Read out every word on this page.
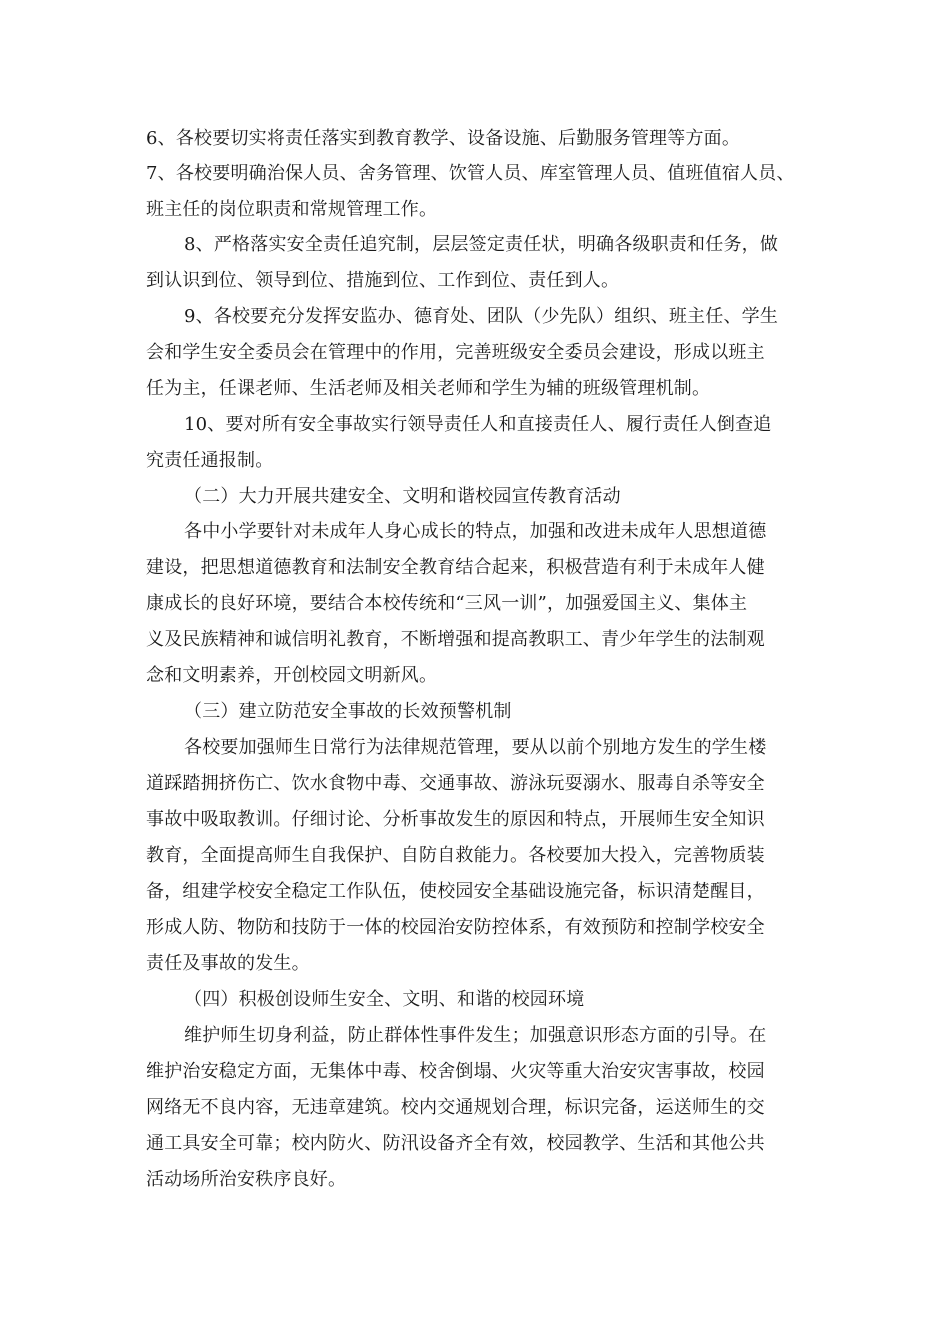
6、各校要切实将责任落实到教育教学、设备设施、后勤服务管理等方面。
7、各校要明确治保人员、舍务管理、饮管人员、库室管理人员、值班值宿人员、
班主任的岗位职责和常规管理工作。
8、严格落实安全责任追究制，层层签定责任状，明确各级职责和任务，做
到认识到位、领导到位、措施到位、工作到位、责任到人。
9、各校要充分发挥安监办、德育处、团队（少先队）组织、班主任、学生
会和学生安全委员会在管理中的作用，完善班级安全委员会建设，形成以班主
任为主，任课老师、生活老师及相关老师和学生为辅的班级管理机制。
10、要对所有安全事故实行领导责任人和直接责任人、履行责任人倒查追
究责任通报制。
（二）大力开展共建安全、文明和谐校园宣传教育活动
各中小学要针对未成年人身心成长的特点，加强和改进未成年人思想道德
建设，把思想道德教育和法制安全教育结合起来，积极营造有利于未成年人健
康成长的良好环境，要结合本校传统和“三风一训”，加强爱国主义、集体主
义及民族精神和诚信明礼教育，不断增强和提高教职工、青少年学生的法制观
念和文明素养，开创校园文明新风。
（三）建立防范安全事故的长效预警机制
各校要加强师生日常行为法律规范管理，要从以前个别地方发生的学生楼
道踩踏拥挤伤亡、饮水食物中毒、交通事故、游泳玩耍溺水、服毒自杀等安全
事故中吸取教训。仔细讨论、分析事故发生的原因和特点，开展师生安全知识
教育，全面提高师生自我保护、自防自救能力。各校要加大投入，完善物质装
备，组建学校安全稳定工作队伍，使校园安全基础设施完备，标识清楚醒目，
形成人防、物防和技防于一体的校园治安防控体系，有效预防和控制学校安全
责任及事故的发生。
（四）积极创设师生安全、文明、和谐的校园环境
维护师生切身利益，防止群体性事件发生；加强意识形态方面的引导。在
维护治安稳定方面，无集体中毒、校舍倒塌、火灾等重大治安灾害事故，校园
网络无不良内容，无违章建筑。校内交通规划合理，标识完备，运送师生的交
通工具安全可靠；校内防火、防汛设备齐全有效，校园教学、生活和其他公共
活动场所治安秩序良好。
